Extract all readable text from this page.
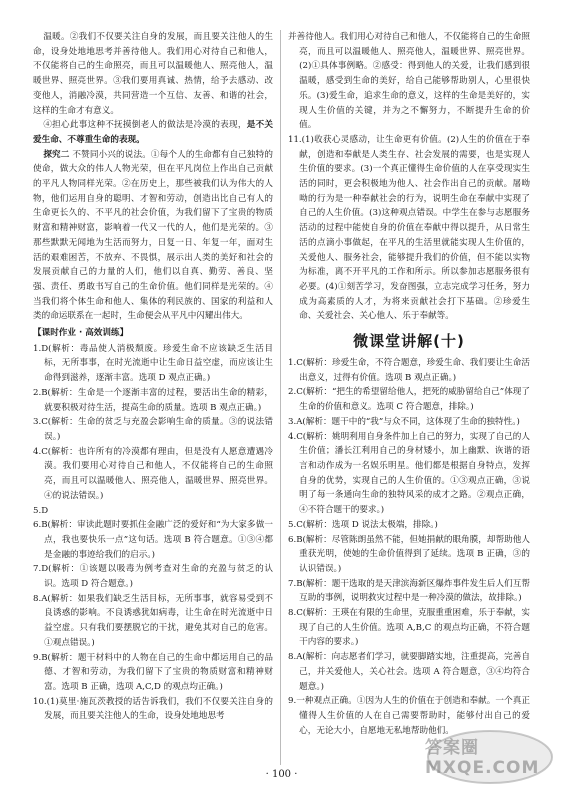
温暖。②我们不仅要关注自身的发展，而且要关注他人的生命，设身处地地思考并善待他人。我们用心对待自己和他人，不仅能将自己的生命照亮，而且可以温暖他人、照亮他人，温暖世界、照亮世界。③我们要用真诚、热情，给予去感动、改变他人，消融冷漠，共同营造一个互信、友善、和谐的社会，这样的生命才有意义。

④担心此事这种不抚摸倒老人的做法是冷漠的表现，是不关爱生命、不尊重生命的表现。

探究二 不赞同小兴的说法。①每个人的生命都有自己独特的使命，做大众的伟人人物光荣，但在平凡岗位上作出自己贡献的平凡人物同样光荣。②在历史上，那些被我们认为伟大的人物，他们运用自身的聪明、才智和劳动，创造出比自己有人的生命更长久的、不平凡的社会价值，为我们留下了宝贵的物质财富和精神财富，影响着一代又一代的人，他们是光荣的。③那些默默无闻地为生活而努力，日复一日、年复一年，面对生活的艰难困苦，不放弃、不畏惧，展示出人类的美好和社会的发展贡献自己的力量的人们，他们以自真、勤劳、善良、坚强、责任、勇敢书写自己的生命价值。他们同样是光荣的。④当我们将个体生命和他人、集体的利民族的、国家的利益和人类的命运联系在一起时，生命便会从平凡中闪耀出伟大。

【课时作业 · 高效训练】

1.D(解析：毒品使人消极颓废。珍爱生命不应该缺乏生活目标，无所事事，在时光流逝中让生命日益空虚，而应该让生命得到滋养，逐渐丰富。选项 D 观点正确。)

2.B(解析：生命是一个逐渐丰富的过程，要活出生命的精彩，就要积极对待生活，提高生命的质量。选项 B 观点正确。)

3.C(解析：生命的贫乏与充盈会影响生命的质量。③的说法错误。)

4.C(解析：也许所有的冷漠都有理由，但是没有人愿意遭遇冷漠。我们要用心对待自己和他人，不仅能将自己的生命照亮，而且可以温暖他人、照亮他人，温暖世界、照亮世界。④的说法错误。)

5.D

6.B(解析：审读此题时要抓住金融广泛的爱好和“为大家多做一点，我也要快乐一点”这句话。选项 B 符合题意。①③④都是金融的事迹给我们的启示。)

7.D(解析：①该题以吸毒为例考查对生命的充盈与贫乏的认识。选项 D 符合题意。)

8.A(解析：如果我们缺乏生活目标，无所事事，就容易受到不良诱惑的影响。不良诱惑犹如病毒，让生命在时光流逝中日益空虚。只有我们要摆脱它的干扰，避免其对自己的危害。①观点错误。)

9.B(解析：题干材料中的人物在自己的生命中都运用自己的品德、才智和劳动，为我们留下了宝贵的物质财富和精神财富。选项 B 正确，选项 A,C,D 的观点均正确。)

10.(1)莫里·施瓦茨教授的话告诉我们，我们不仅要关注自身的发展，而且要关注他人的生命，设身处地地思考

并善待他人。我们用心对待自己和他人，不仅能将自己的生命照亮，而且可以温暖他人、照亮他人，温暖世界、照亮世界。(2)①具体事例略。②感受：得到他人的关爱，让我们感到很温暖，感受到生命的美好，给自己能够帮助别人，心里很快乐。(3)爱生命，追求生命的意义，这样的生命是美好的，实现人生价值的关键，并为之不懈努力，不断提升生命的价值。

11.(1)收获心灵感动，让生命更有价值。(2)人生的价值在于奉献，创造和奉献是人类生存、社会发展的需要，也是实现人生价值的要求。(3)一个真正懂得生命价值的人在享受现实生活的同时，更会积极地为他人、社会作出自己的贡献。屠呦呦的行为是一种奉献社会的行为，说明生命在奉献中实现了自己的人生价值。(3)这种观点错误。中学生在参与志愿服务活动的过程中能使自身的价值在奉献中得以提升，从日常生活的点滴小事做起，在平凡的生活里就能实现人生价值的，关爱他人、服务社会，能够提升我们的价值，但不能以实物为标准，离不开平凡的工作和所示。所以参加志愿服务很有必要。(4)①刻苦学习，发奋图强，立志完成学习任务，努力成为高素质的人才，为将来贡献社会打下基础。②珍爱生命、关爱社会、关心他人、乐于奉献等。

微课堂讲解(十)

1.C(解析：珍爱生命，不符合题意，珍爱生命、我们要让生命活出意义，过得有价值。选项 B 观点正确。)

2.C(解析：“把生的希望留给他人，把死的威胁留给自己”体现了生命的价值和意义。选项 C 符合题意，排除。)

3.A(解析：题干中的“我”与众不同，这体现了生命的独特性。)

4.C(解析：姚明利用自身条件加上自己的努力，实现了自己的人生价值；潘长江利用自己的身材矮小，加上幽默、诙谐的语言和动作成为一名娱乐明星。他们都是根据自身特点，发挥自身的优势，实现自己的人生价值的。①③观点正确，③说明了每一条通向生命的独特风采的成才之路。②观点正确，④不符合题干的要求。)

5.C(解析：选项 D 说法太极端，排除。)

6.B(解析：尽管陈朗虽然不能，但她捐献的眼角膜，却帮助他人重获光明，使她的生命价值得到了延续。选项 B 正确，③的认识错误。)

7.B(解析：题干选取的是天津滨海新区爆炸事件发生后人们互帮互助的事例，说明救灾过程中是一种冷漠的做法，故排除。)

8.C(解析：王瑛在有限的生命里，克服重重困难，乐于奉献，实现了自己的人生价值。选项 A,B,C 的观点均正确，不符合题干内容的要求。)

8.A(解析：向志愿者们学习，就要脚踏实地，注重提高，完善自己，并关爱他人，关心社会。选项 A 符合题意，③④均符合题意。)

9.一种观点正确。①因为人生的价值在于创造和奉献。一个真正懂得人生价值的人在自己需要帮助时，能够付出自己的爱心，无论大小，自愿地无私地帮助他们。

· 100 ·
答案圈 MXQE.COM
